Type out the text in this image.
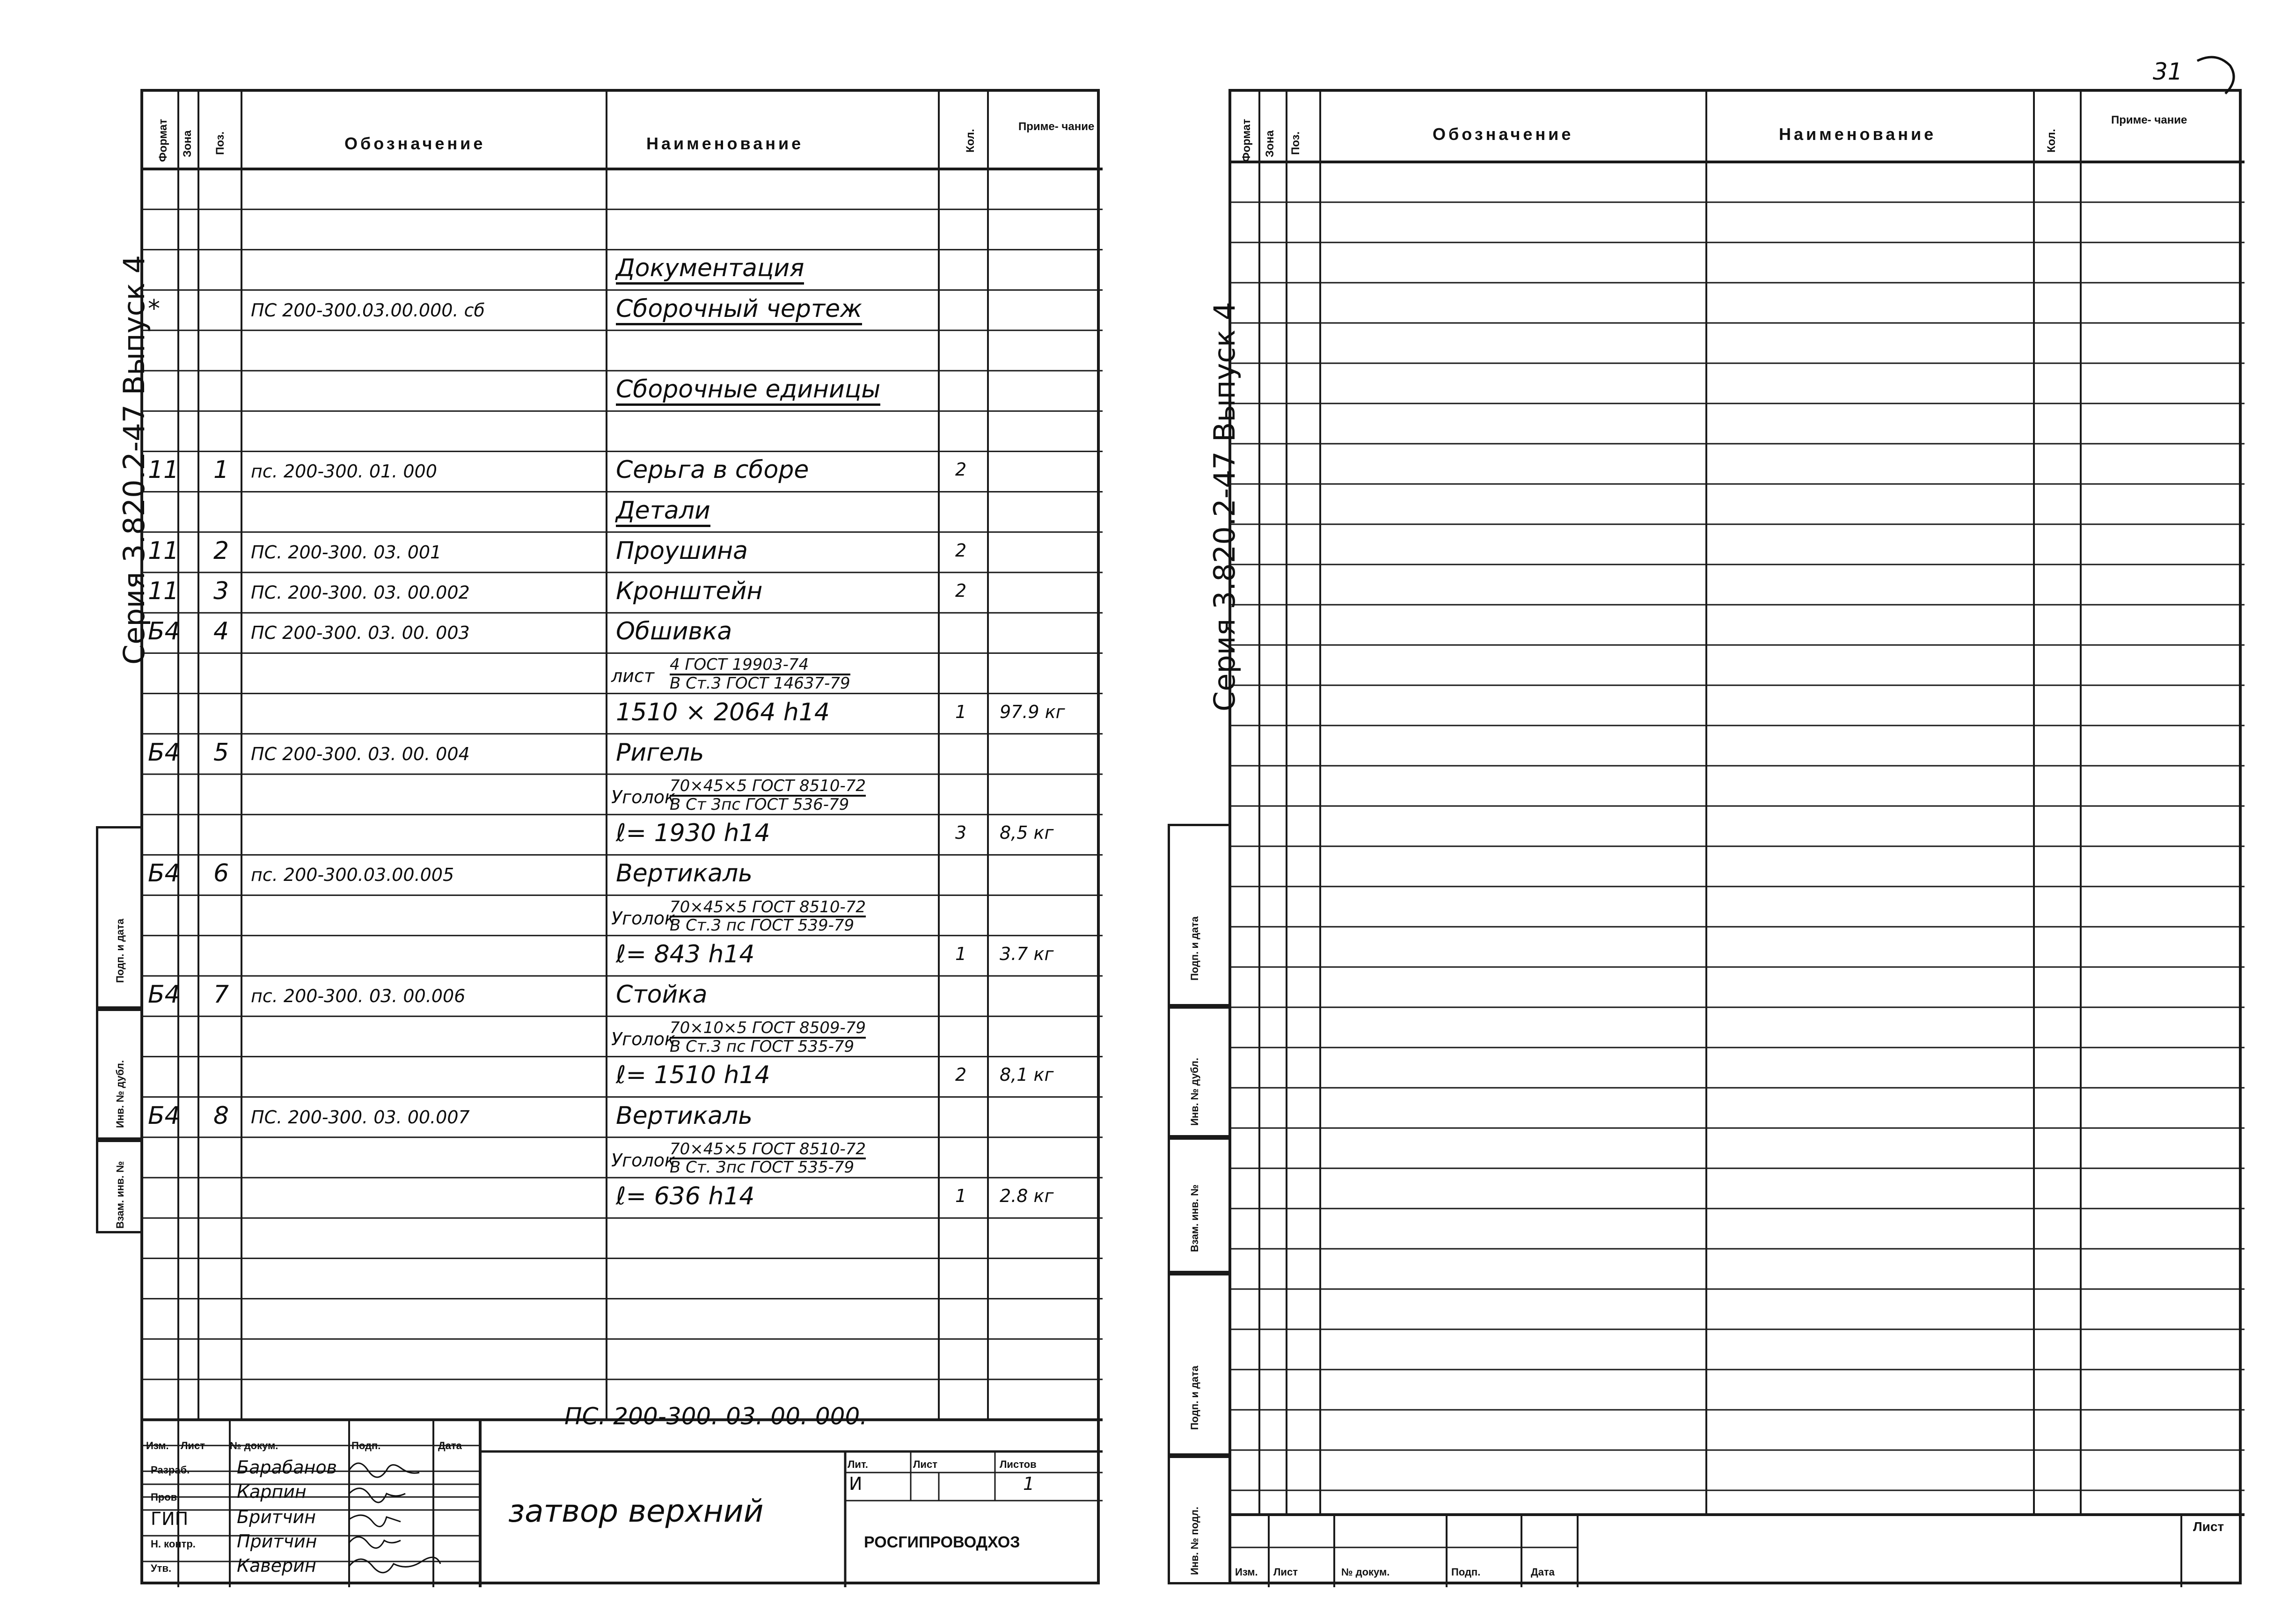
Формат Зона Поз.	Обозначение	Наименование	Кол.
Приме- чание
Документация
*	ПС 200-300.03.00.000. сб	Сборочный чертеж
Сборочные единицы
11 1 пс. 200-300. 01. 000	Серьга в сборе	2
Детали
11 2 ПС. 200-300. 03. 001	Проушина	2
11 3 ПС. 200-300. 03. 00.002	Кронштейн	2
Б4 4 ПС 200-300. 03. 00. 003	Обшивка
лист
4 ГОСТ 19903-74
В Ст.3 ГОСТ 14637-79
1510 × 2064 h14	1 97.9 кг
Б4 5 ПС 200-300. 03. 00. 004	Ригель
Уголок
70×45×5 ГОСТ 8510-72
В Ст 3пс ГОСТ 536-79
ℓ= 1930 h14	3 8,5 кг
Б4 6 пс. 200-300.03.00.005	Вертикаль
Уголок
70×45×5 ГОСТ 8510-72
В Ст.3 пс ГОСТ 539-79
ℓ= 843 h14	1 3.7 кг
Б4 7 пс. 200-300. 03. 00.006	Стойка
Уголок
70×10×5 ГОСТ 8509-79
В Ст.3 пс ГОСТ 535-79
ℓ= 1510 h14	2 8,1 кг
Б4 8 ПС. 200-300. 03. 00.007	Вертикаль
Уголок
70×45×5 ГОСТ 8510-72
В Ст. 3пс ГОСТ 535-79
ℓ= 636 h14	1 2.8 кг
ПС. 200-300. 03. 00. 000.
Изм. Лист № докум.	Подп.	Дата
Разраб.
Пров.
ГИП
Н. контр.
Утв.
Барабанов
Карпин
Бритчин
Притчин
Каверин
затвор верхний
Лит.	Лист	Листов
И	1
РОСГИПРОВОДХОЗ
Серия 3.820.2-47 Выпуск 4
Подп. и дата
Инв. № дубл.
Взам. инв. №
Формат Зона Поз.	Обозначение	Наименование	Кол.
Приме- чание
Изм. Лист	№ докум.	Подп.	Дата
Лист
31
Серия 3.820.2-47 Выпуск 4
Подп. и дата
Инв. № дубл.
Взам. инв. №
Подп. и дата
Инв. № подл.
